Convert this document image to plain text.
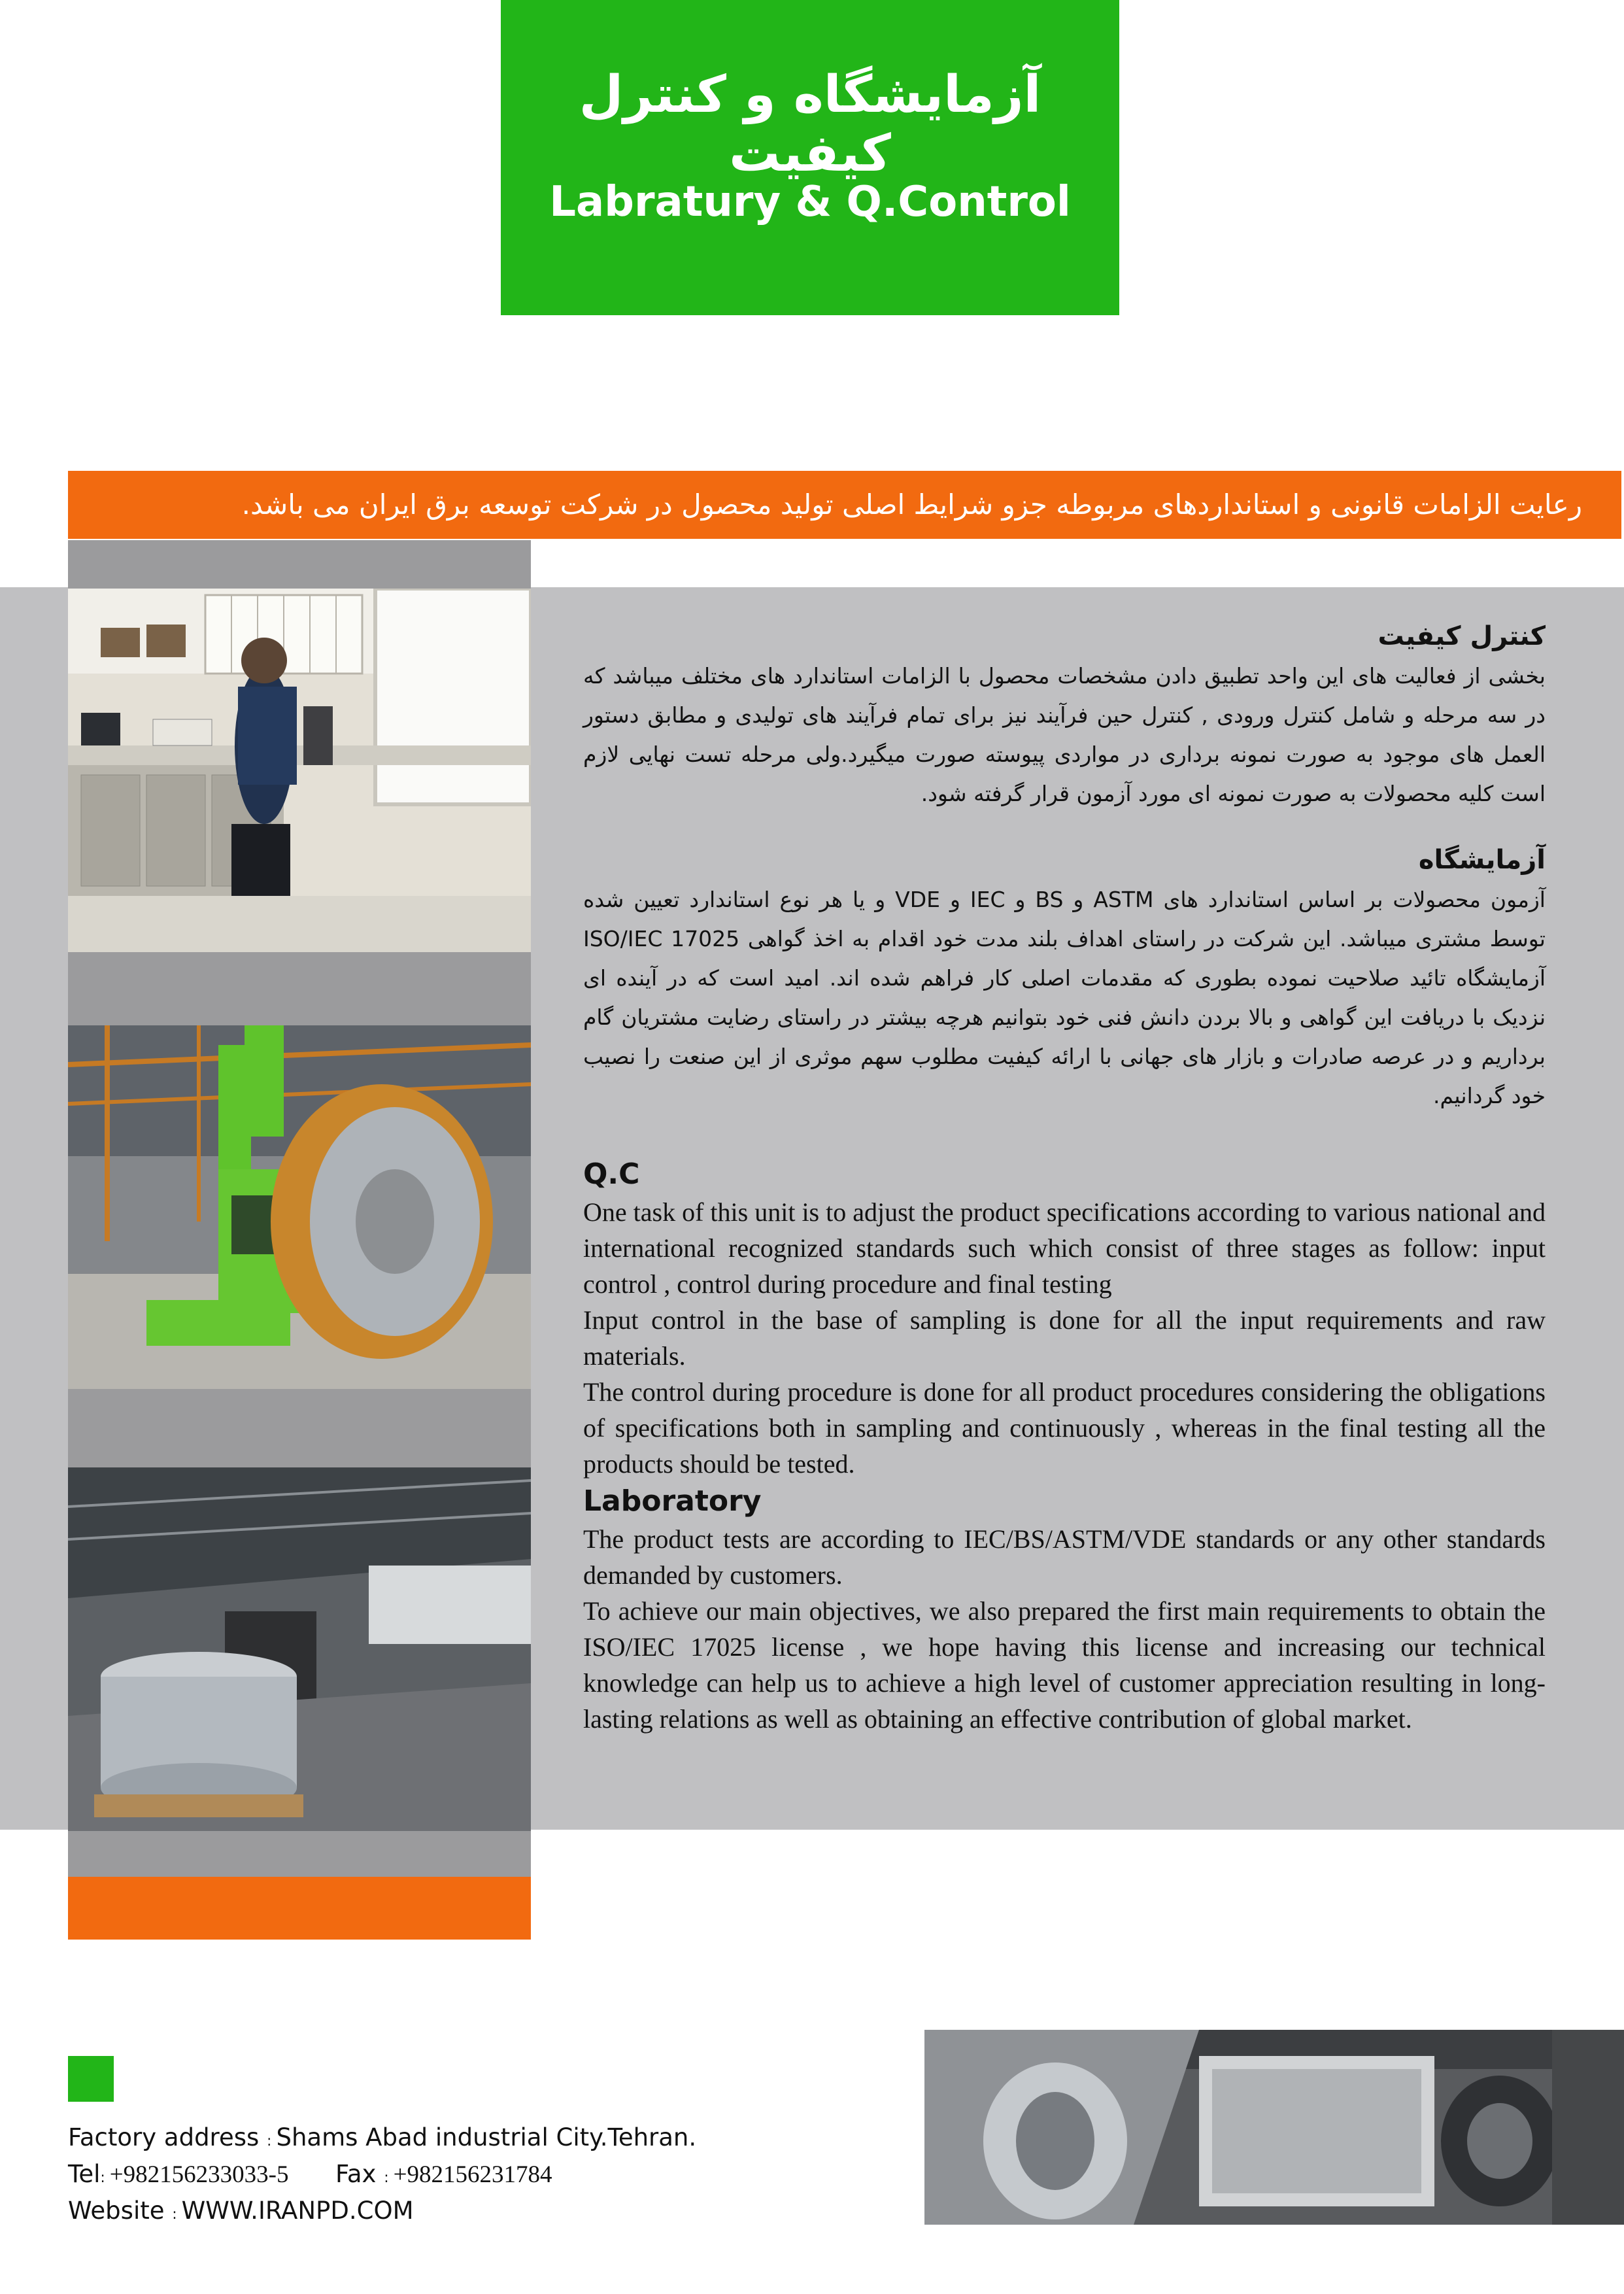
آزمایشگاه و کنترل کیفیت
Labratury & Q.Control
رعایت الزامات قانونی و استانداردهای مربوطه جزو شرایط اصلی تولید محصول در شرکت توسعه برق ایران می باشد.
کنترل کیفیت

بخشی از فعالیت های این واحد تطبیق دادن مشخصات محصول با الزامات استاندارد های مختلف میباشد که در سه مرحله و شامل کنترل ورودی , کنترل حین فرآیند نیز برای تمام فرآیند های تولیدی و مطابق دستور العمل های موجود به صورت نمونه برداری در مواردی پیوسته صورت میگیرد.ولی مرحله تست نهایی لازم است کلیه محصولات به صورت نمونه ای مورد آزمون قرار گرفته شود.

آزمایشگاه

آزمون محصولات بر اساس استاندارد های ASTM و BS و IEC و VDE و یا هر نوع استاندارد تعیین شده توسط مشتری میباشد. این شرکت در راستای اهداف بلند مدت خود اقدام به اخذ گواهی ISO/IEC 17025 آزمایشگاه تائید صلاحیت نموده بطوری که مقدمات اصلی کار فراهم شده اند. امید است که در آینده ای نزدیک با دریافت این گواهی و بالا بردن دانش فنی خود بتوانیم هرچه بیشتر در راستای رضایت مشتریان گام برداریم و در عرصه صادرات و بازار های جهانی با ارائه کیفیت مطلوب سهم موثری از این صنعت را نصیب خود گردانیم.

Q.C

One task of this unit is to adjust the product specifications according to various national and international recognized standards such which consist of three stages as follow: input control , control during procedure and final testing

Input control in the base of sampling is done for all the input requirements and raw materials.

The control during procedure is done for all product procedures considering the obligations of specifications both in sampling and continuously , whereas in the final testing all the products should be tested.

Laboratory

The product tests are according to IEC/BS/ASTM/VDE standards or any other standards demanded by customers.

To achieve our main objectives, we also prepared the first main requirements to obtain the ISO/IEC 17025 license , we hope having this license and increasing our technical knowledge can help us to achieve a high level of customer appreciation resulting in long-lasting relations as well as obtaining an effective contribution of global market.

Factory address : Shams Abad industrial City.Tehran.
Tel: +982156233033-5 Fax : +982156231784
Website : WWW.IRANPD.COM
